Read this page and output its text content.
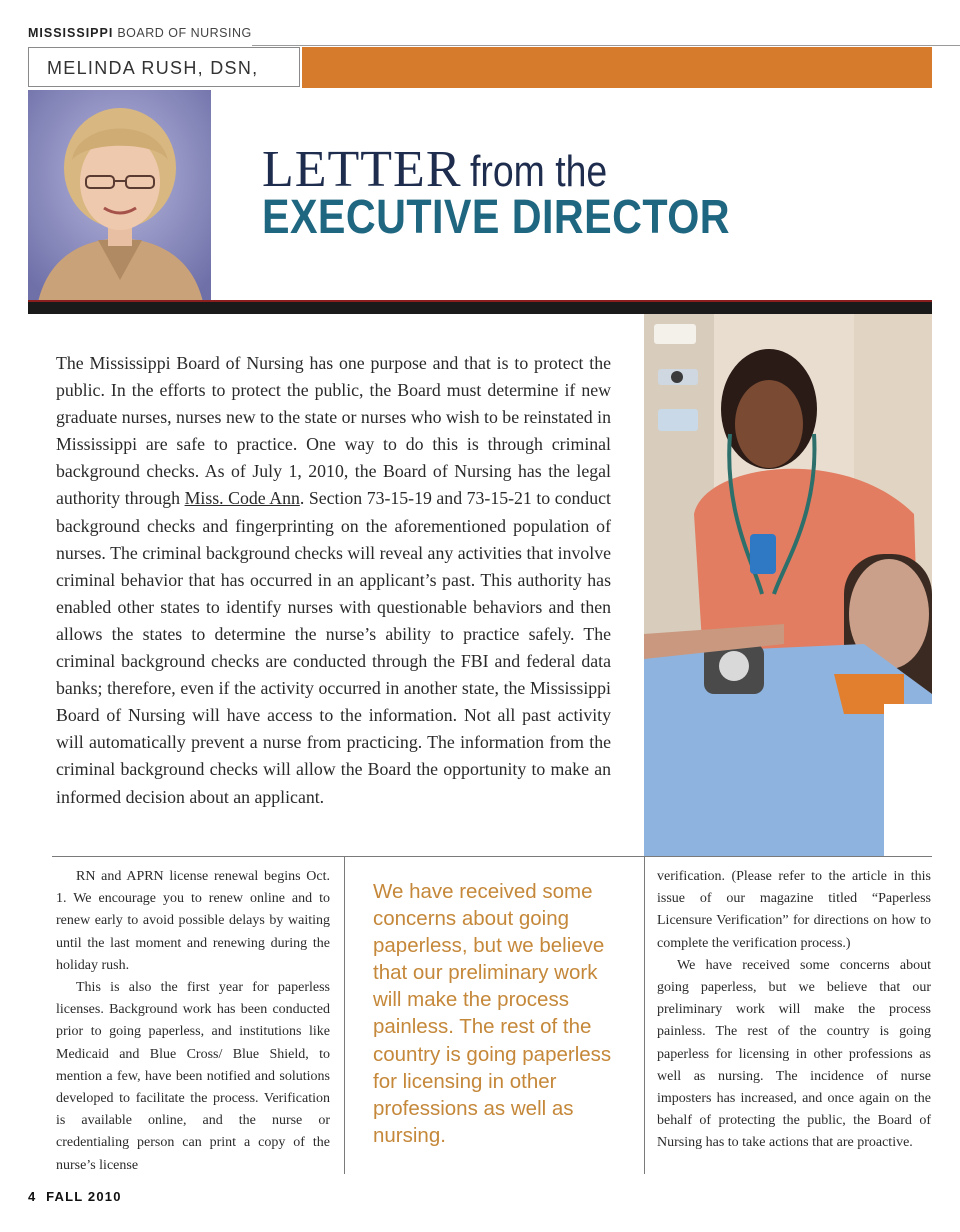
MISSISSIPPI BOARD OF NURSING
MELINDA RUSH, DSN,
LETTER from the
EXECUTIVE DIRECTOR
The Mississippi Board of Nursing has one purpose and that is to protect the public. In the efforts to protect the public, the Board must determine if new graduate nurses, nurses new to the state or nurses who wish to be reinstated in Mississippi are safe to practice. One way to do this is through criminal background checks. As of July 1, 2010, the Board of Nursing has the legal authority through Miss. Code Ann. Section 73-15-19 and 73-15-21 to conduct background checks and fingerprinting on the aforementioned population of nurses. The criminal background checks will reveal any activities that involve criminal behavior that has occurred in an applicant’s past. This authority has enabled other states to identify nurses with questionable behaviors and then allows the states to determine the nurse’s ability to practice safely. The criminal background checks are conducted through the FBI and federal data banks; therefore, even if the activity occurred in another state, the Mississippi Board of Nursing will have access to the information. Not all past activity will automatically prevent a nurse from practicing. The information from the criminal background checks will allow the Board the opportunity to make an informed decision about an applicant.

RN and APRN license renewal begins Oct. 1. We encourage you to renew online and to renew early to avoid possible delays by waiting until the last moment and renewing during the holiday rush.

This is also the first year for paperless licenses. Background work has been conducted prior to going paperless, and institutions like Medicaid and Blue Cross/ Blue Shield, to mention a few, have been notified and solutions developed to facilitate the process. Verification is available online, and the nurse or credentialing person can print a copy of the nurse’s license

We have received some concerns about going paperless, but we believe that our preliminary work will make the process painless. The rest of the country is going paperless for licensing in other professions as well as nursing.

verification. (Please refer to the article in this issue of our magazine titled “Paperless Licensure Verification” for directions on how to complete the verification process.)

We have received some concerns about going paperless, but we believe that our preliminary work will make the process painless. The rest of the country is going paperless for licensing in other professions as well as nursing. The incidence of nurse imposters has increased, and once again on the behalf of protecting the public, the Board of Nursing has to take actions that are proactive.

4 FALL 2010
